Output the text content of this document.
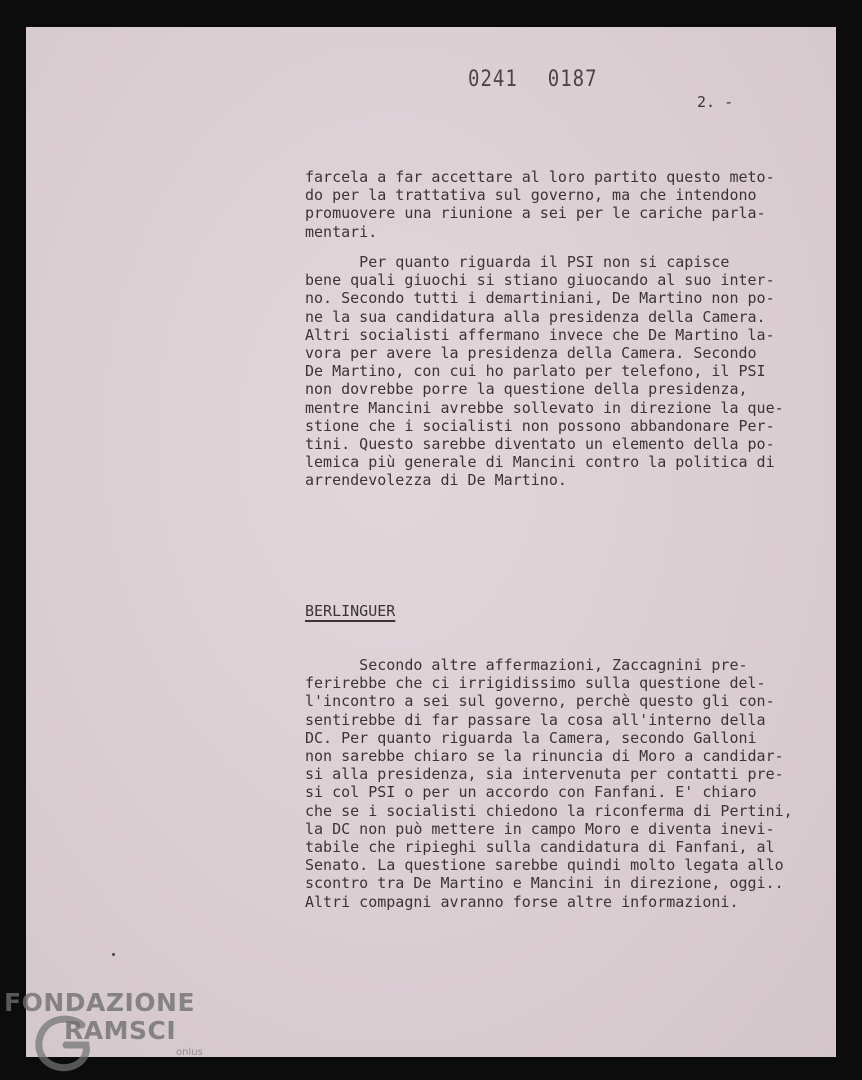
0241 0187
2. -
farcela a far accettare al loro partito questo meto-
do per la trattativa sul governo, ma che intendono
promuovere una riunione a sei per le cariche parla-
mentari.
Per quanto riguarda il PSI non si capisce
bene quali giuochi si stiano giuocando al suo inter-
no. Secondo tutti i demartiniani, De Martino non po-
ne la sua candidatura alla presidenza della Camera.
Altri socialisti affermano invece che De Martino la-
vora per avere la presidenza della Camera. Secondo
De Martino, con cui ho parlato per telefono, il PSI
non dovrebbe porre la questione della presidenza,
mentre Mancini avrebbe sollevato in direzione la que-
stione che i socialisti non possono abbandonare Per-
tini. Questo sarebbe diventato un elemento della po-
lemica più generale di Mancini contro la politica di
arrendevolezza di De Martino.
BERLINGUER
Secondo altre affermazioni, Zaccagnini pre-
ferirebbe che ci irrigidissimo sulla questione del-
l'incontro a sei sul governo, perchè questo gli con-
sentirebbe di far passare la cosa all'interno della
DC. Per quanto riguarda la Camera, secondo Galloni
non sarebbe chiaro se la rinuncia di Moro a candidar-
si alla presidenza, sia intervenuta per contatti pre-
si col PSI o per un accordo con Fanfani. E' chiaro
che se i socialisti chiedono la riconferma di Pertini,
la DC non può mettere in campo Moro e diventa inevi-
tabile che ripieghi sulla candidatura di Fanfani, al
Senato. La questione sarebbe quindi molto legata allo
scontro tra De Martino e Mancini in direzione, oggi..
Altri compagni avranno forse altre informazioni.
FONDAZIONE
RAMSCI
onlus
